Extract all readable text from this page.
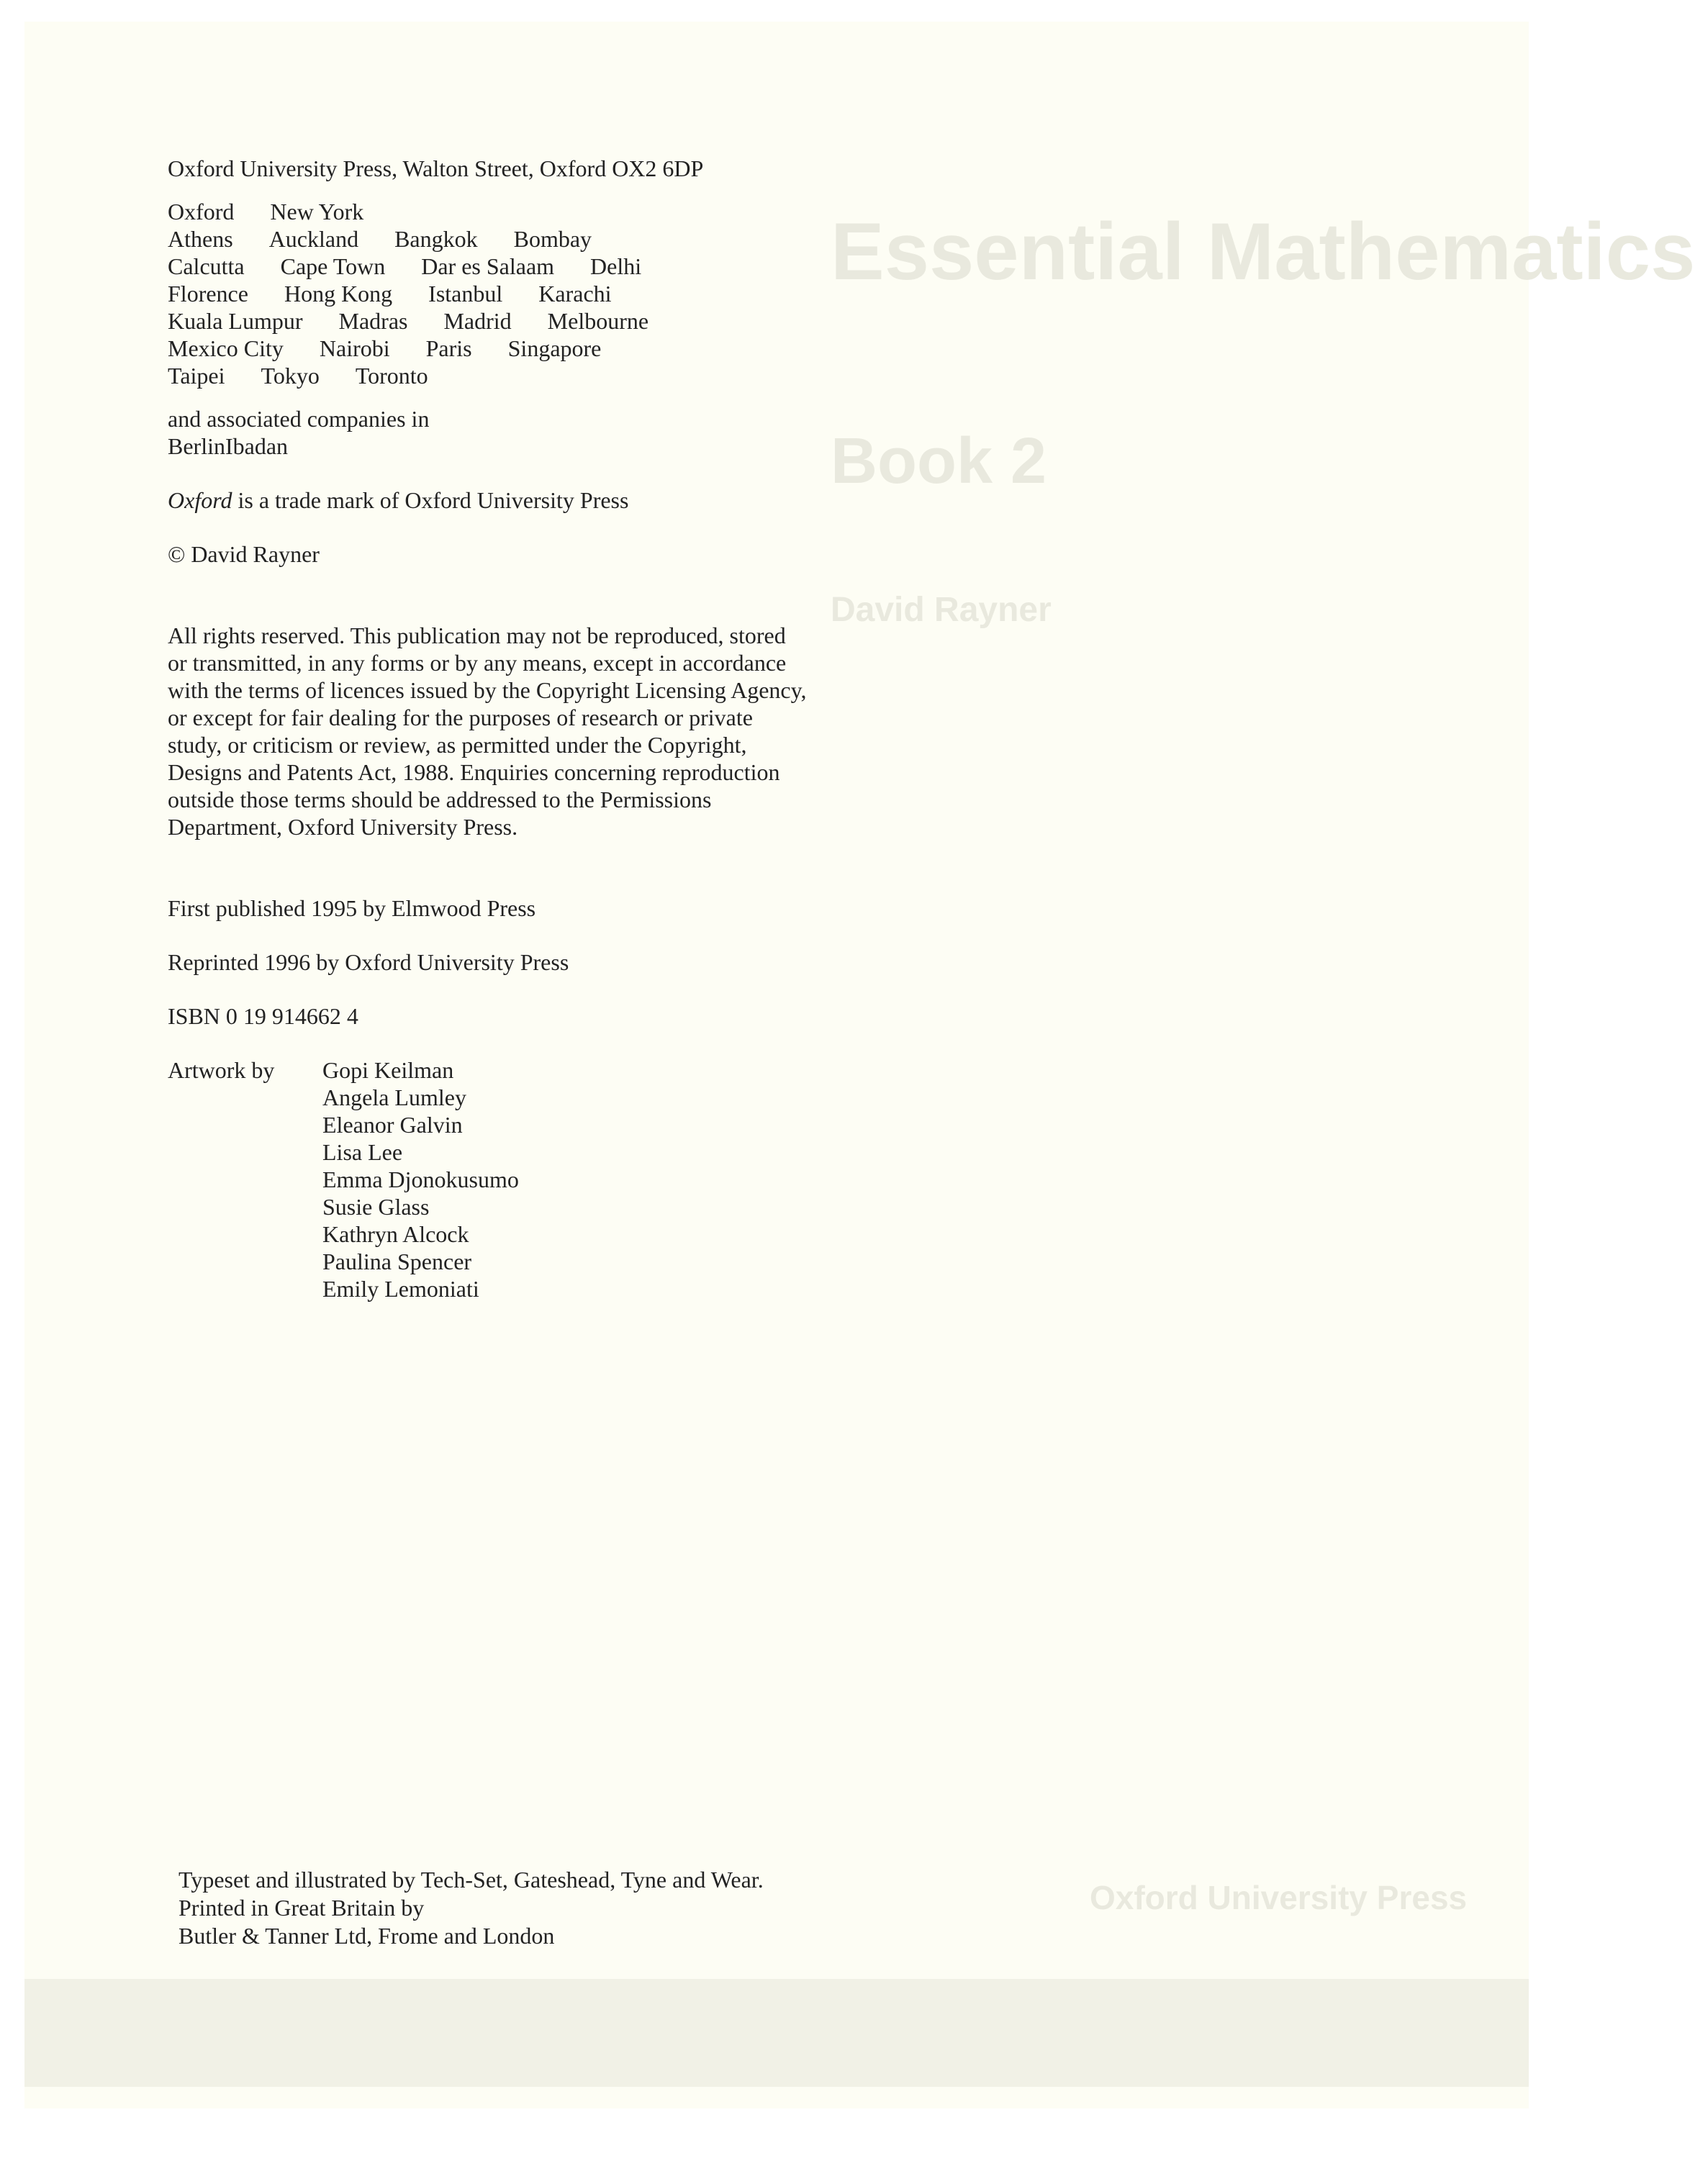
Essential Mathematics
Book 2
David Rayner
Oxford University Press
Oxford University Press, Walton Street, Oxford OX2 6DP
Oxford New York
Athens Auckland Bangkok Bombay
Calcutta Cape Town Dar es Salaam Delhi
Florence Hong Kong Istanbul Karachi
Kuala Lumpur Madras Madrid Melbourne
Mexico City Nairobi Paris Singapore
Taipei Tokyo Toronto
and associated companies in
BerlinIbadan
Oxford is a trade mark of Oxford University Press
© David Rayner
All rights reserved. This publication may not be reproduced, stored
or transmitted, in any forms or by any means, except in accordance
with the terms of licences issued by the Copyright Licensing Agency,
or except for fair dealing for the purposes of research or private
study, or criticism or review, as permitted under the Copyright,
Designs and Patents Act, 1988. Enquiries concerning reproduction
outside those terms should be addressed to the Permissions
Department, Oxford University Press.
First published 1995 by Elmwood Press
Reprinted 1996 by Oxford University Press
ISBN 0 19 914662 4
Artwork by	Gopi Keilman
Angela Lumley
Eleanor Galvin
Lisa Lee
Emma Djonokusumo
Susie Glass
Kathryn Alcock
Paulina Spencer
Emily Lemoniati
Typeset and illustrated by Tech-Set, Gateshead, Tyne and Wear.
Printed in Great Britain by
Butler & Tanner Ltd, Frome and London
